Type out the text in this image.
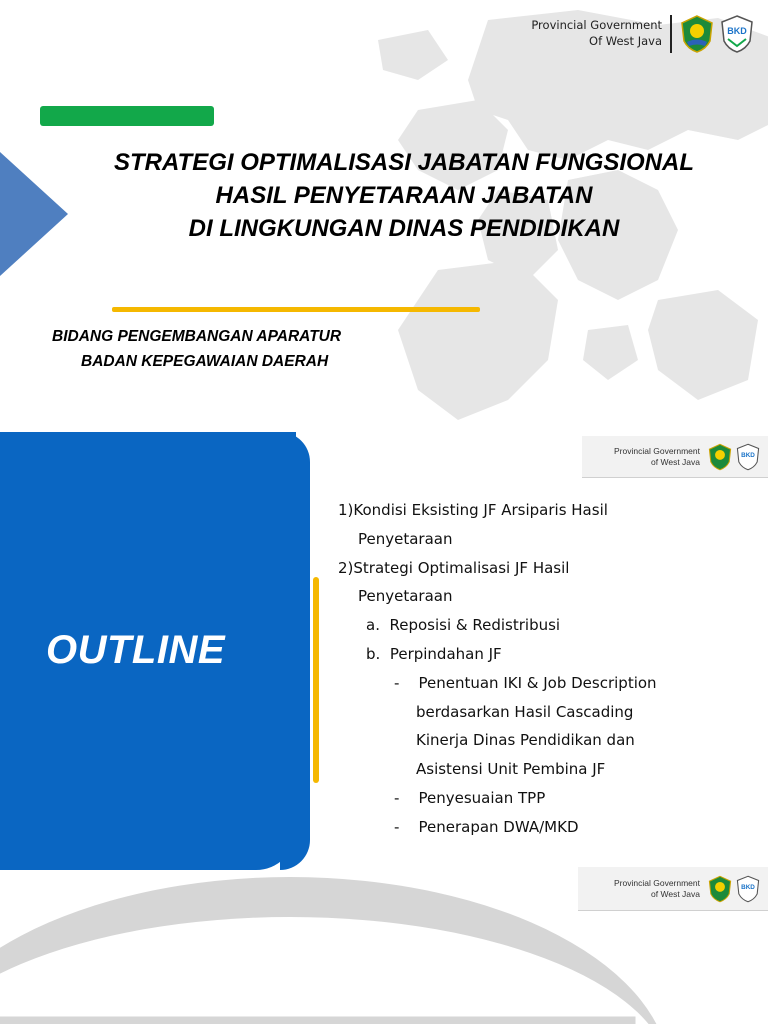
Provincial Government
Of West Java
BKD
STRATEGI OPTIMALISASI JABATAN FUNGSIONAL
HASIL PENYETARAAN JABATAN
DI LINGKUNGAN DINAS PENDIDIKAN
BIDANG PENGEMBANGAN APARATUR
BADAN KEPEGAWAIAN DAERAH
OUTLINE
Provincial Government
of West Java
BKD
Provincial Government
of West Java
BKD
1)Kondisi Eksisting JF Arsiparis Hasil
Penyetaraan
2)Strategi Optimalisasi JF Hasil
Penyetaraan
a.  Reposisi & Redistribusi
b.  Perpindahan JF
-    Penentuan IKI & Job Description
berdasarkan Hasil Cascading
Kinerja Dinas Pendidikan dan
Asistensi Unit Pembina JF
-    Penyesuaian TPP
-    Penerapan DWA/MKD
